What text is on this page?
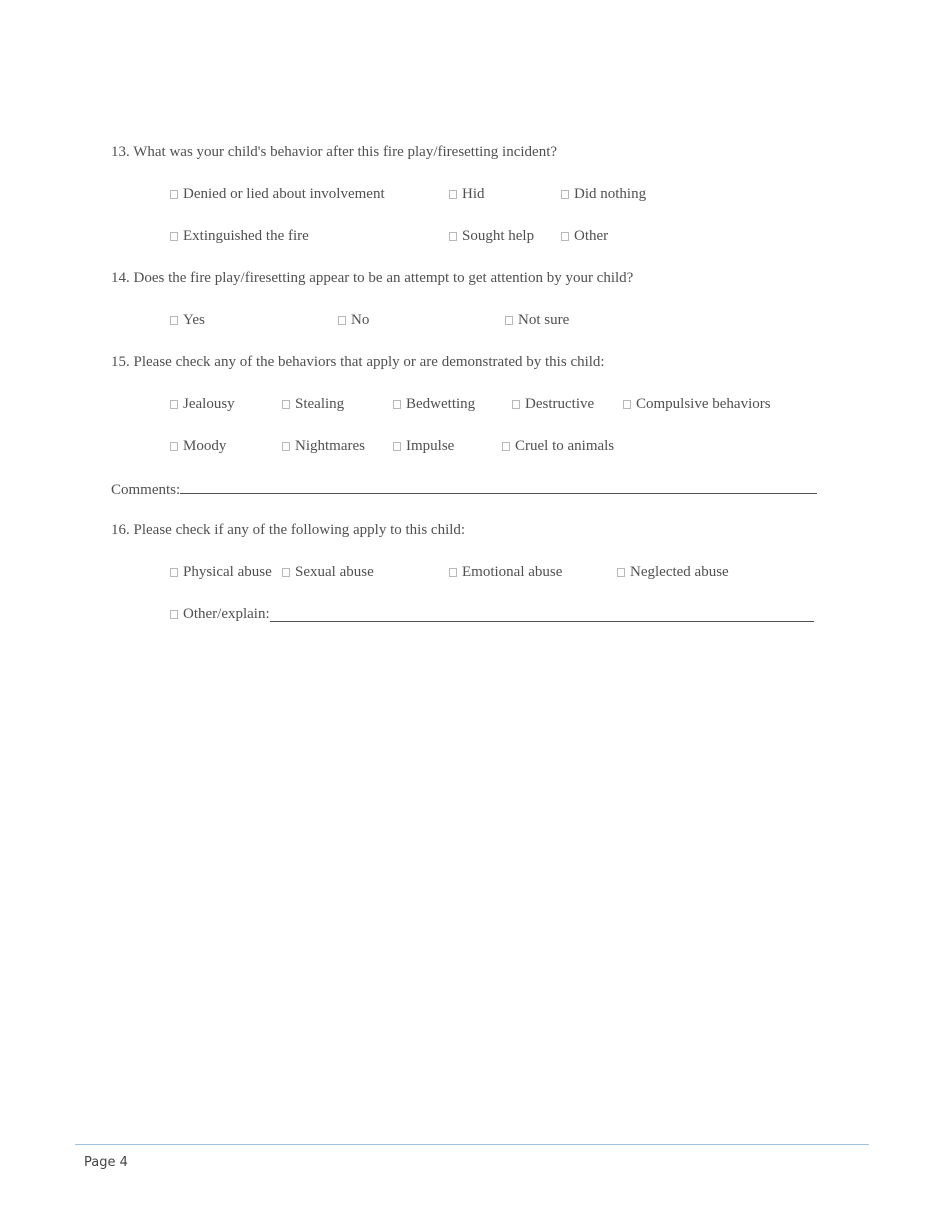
13. What was your child's behavior after this fire play/firesetting incident?
Denied or lied about involvement	Hid	Did nothing
Extinguished the fire	Sought help	Other
14. Does the fire play/firesetting appear to be an attempt to get attention by your child?
Yes	No	Not sure
15. Please check any of the behaviors that apply or are demonstrated by this child:
Jealousy	Stealing	Bedwetting	Destructive	Compulsive behaviors
Moody	Nightmares	Impulse	Cruel to animals
Comments:
16. Please check if any of the following apply to this child:
Physical abuse Sexual abuse	Emotional abuse	Neglected abuse
Other/explain:
Page 4
